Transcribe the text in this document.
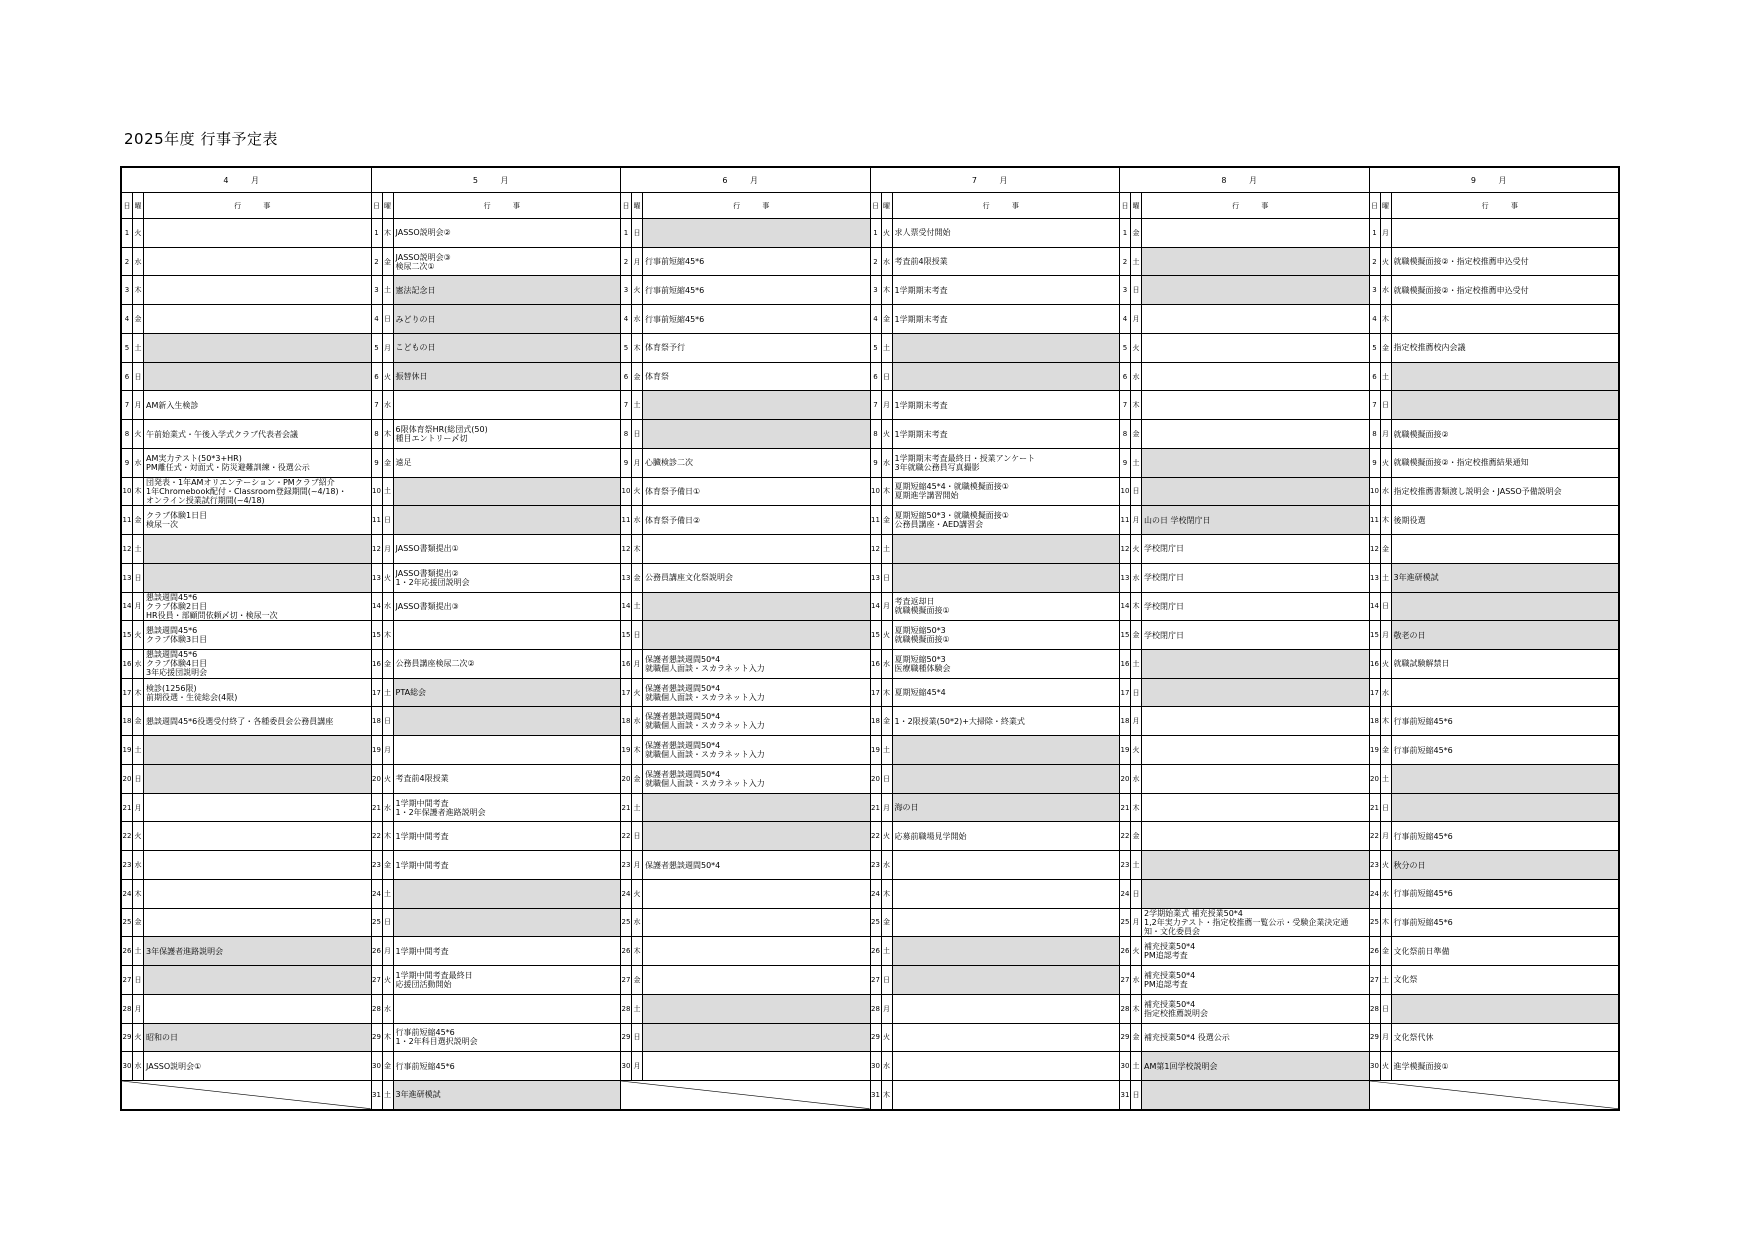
2025年度 行事予定表
4 月
日 曜	行 事
1 火
2 水
3 木
4 金
5 土
6 日
7 月 AM新入生検診
8 火 午前始業式・午後入学式クラブ代表者会議
9 水 AM実力テスト(50*3+HR)
PM離任式・対面式・防災避難訓練・役選公示
10 木
団発表・1年AMオリエンテーション・PMクラブ紹介
1年Chromebook配付・Classroom登録期間(~4/18)・
オンライン授業試行期間(~4/18)
11 金 クラブ体験1日目
検尿一次
12 土
13 日
14 月
懇談週間45*6
クラブ体験2日目
HR役員・部顧問依頼〆切・検尿一次
15 火 懇談週間45*6
クラブ体験3日目
16 水
懇談週間45*6
クラブ体験4日目
3年応援団説明会
17 木 検診(1256限)
前期役選・生徒総会(4限)
18 金 懇談週間45*6役選受付終了・各種委員会公務員講座
19 土
20 日
21 月
22 火
23 水
24 木
25 金
26 土 3年保護者進路説明会
27 日
28 月
29 火 昭和の日
30 水 JASSO説明会①
5 月
日 曜	行 事
1 木 JASSO説明会②
2 金 JASSO説明会③
検尿二次①
3 土 憲法記念日
4 日 みどりの日
5 月 こどもの日
6 火 振替休日
7 水
8 木 6限体育祭HR(総団式(50)
種目エントリー〆切
9 金 遠足
10 土
11 日
12 月 JASSO書類提出①
13 火 JASSO書類提出②
1・2年応援団説明会
14 水 JASSO書類提出③
15 木
16 金 公務員講座検尿二次②
17 土 PTA総会
18 日
19 月
20 火 考査前4限授業
21 水 1学期中間考査
1・2年保護者進路説明会
22 木 1学期中間考査
23 金 1学期中間考査
24 土
25 日
26 月 1学期中間考査
27 火 1学期中間考査最終日
応援団活動開始
28 水
29 木 行事前短縮45*6
1・2年科目選択説明会
30 金 行事前短縮45*6
31 土 3年進研模試
6 月
日 曜	行 事
1 日
2 月 行事前短縮45*6
3 火 行事前短縮45*6
4 水 行事前短縮45*6
5 木 体育祭予行
6 金 体育祭
7 土
8 日
9 月 心臓検診二次
10 火 体育祭予備日①
11 水 体育祭予備日②
12 木
13 金 公務員講座文化祭説明会
14 土
15 日
16 月 保護者懇談週間50*4
就職個人面談・スカラネット入力
17 火 保護者懇談週間50*4
就職個人面談・スカラネット入力
18 水 保護者懇談週間50*4
就職個人面談・スカラネット入力
19 木 保護者懇談週間50*4
就職個人面談・スカラネット入力
20 金 保護者懇談週間50*4
就職個人面談・スカラネット入力
21 土
22 日
23 月 保護者懇談週間50*4
24 火
25 水
26 木
27 金
28 土
29 日
30 月
7 月
日 曜	行 事
1 火 求人票受付開始
2 水 考査前4限授業
3 木 1学期期末考査
4 金 1学期期末考査
5 土
6 日
7 月 1学期期末考査
8 火 1学期期末考査
9 水 1学期期末考査最終日・授業アンケート
3年就職公務員写真撮影
10 木 夏期短縮45*4・就職模擬面接①
夏期進学講習開始
11 金 夏期短縮50*3・就職模擬面接①
公務員講座・AED講習会
12 土
13 日
14 月 考査返却日
就職模擬面接①
15 火 夏期短縮50*3
就職模擬面接①
16 水 夏期短縮50*3
医療職種体験会
17 木 夏期短縮45*4
18 金 1・2限授業(50*2)+大掃除・終業式
19 土
20 日
21 月 海の日
22 火 応募前職場見学開始
23 水
24 木
25 金
26 土
27 日
28 月
29 火
30 水
31 木
8 月
日 曜	行 事
1 金
2 土
3 日
4 月
5 火
6 水
7 木
8 金
9 土
10 日
11 月 山の日 学校閉庁日
12 火 学校閉庁日
13 水 学校閉庁日
14 木 学校閉庁日
15 金 学校閉庁日
16 土
17 日
18 月
19 火
20 水
21 木
22 金
23 土
24 日
25 月
2学期始業式 補充授業50*4
1,2年実力テスト・指定校推薦一覧公示・受験企業決定通
知・文化委員会
26 火 補充授業50*4
PM追認考査
27 水 補充授業50*4
PM追認考査
28 木 補充授業50*4
指定校推薦説明会
29 金 補充授業50*4 役選公示
30 土 AM第1回学校説明会
31 日
9 月
日 曜	行 事
1 月
2 火 就職模擬面接②・指定校推薦申込受付
3 水 就職模擬面接②・指定校推薦申込受付
4 木
5 金 指定校推薦校内会議
6 土
7 日
8 月 就職模擬面接②
9 火 就職模擬面接②・指定校推薦結果通知
10 水 指定校推薦書類渡し説明会・JASSO予備説明会
11 木 後期役選
12 金
13 土 3年進研模試
14 日
15 月 敬老の日
16 火 就職試験解禁日
17 水
18 木 行事前短縮45*6
19 金 行事前短縮45*6
20 土
21 日
22 月 行事前短縮45*6
23 火 秋分の日
24 水 行事前短縮45*6
25 木 行事前短縮45*6
26 金 文化祭前日準備
27 土 文化祭
28 日
29 月 文化祭代休
30 火 進学模擬面接①
